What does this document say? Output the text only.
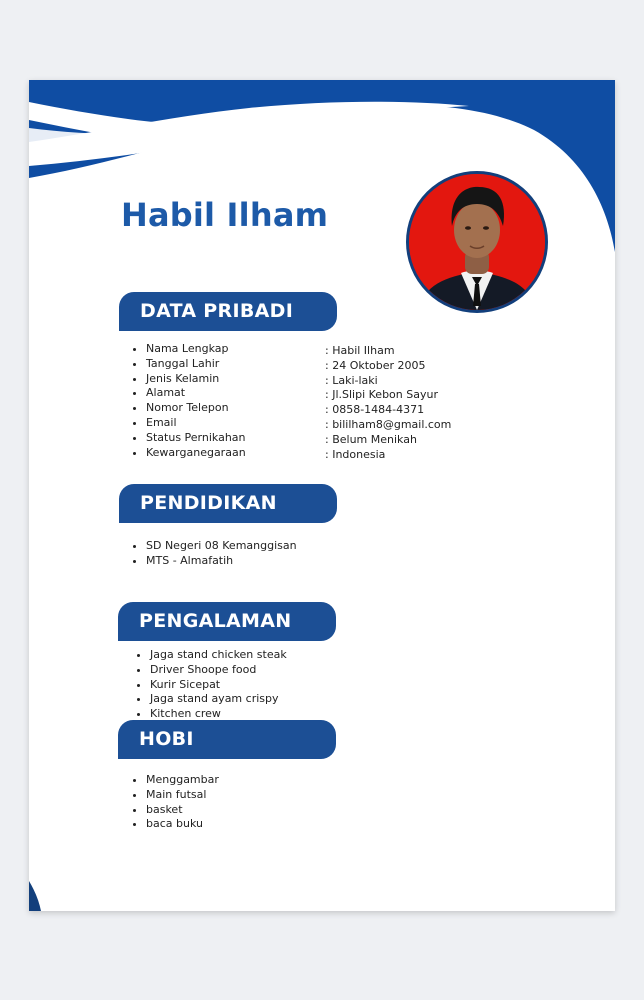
Habil Ilham
DATA PRIBADI
• Nama Lengkap
• Tanggal Lahir
• Jenis Kelamin
• Alamat
• Nomor Telepon
• Email
• Status Pernikahan
• Kewarganegaraan
: Habil Ilham
: 24 Oktober 2005
: Laki-laki
: Jl.Slipi Kebon Sayur
: 0858-1484-4371
: bililham8@gmail.com
: Belum Menikah
: Indonesia
PENDIDIKAN
• SD Negeri 08 Kemanggisan
• MTS - Almafatih
PENGALAMAN
• Jaga stand chicken steak
• Driver Shoope food
• Kurir Sicepat
• Jaga stand ayam crispy
• Kitchen crew
HOBI
• Menggambar
• Main futsal
• basket
• baca buku
